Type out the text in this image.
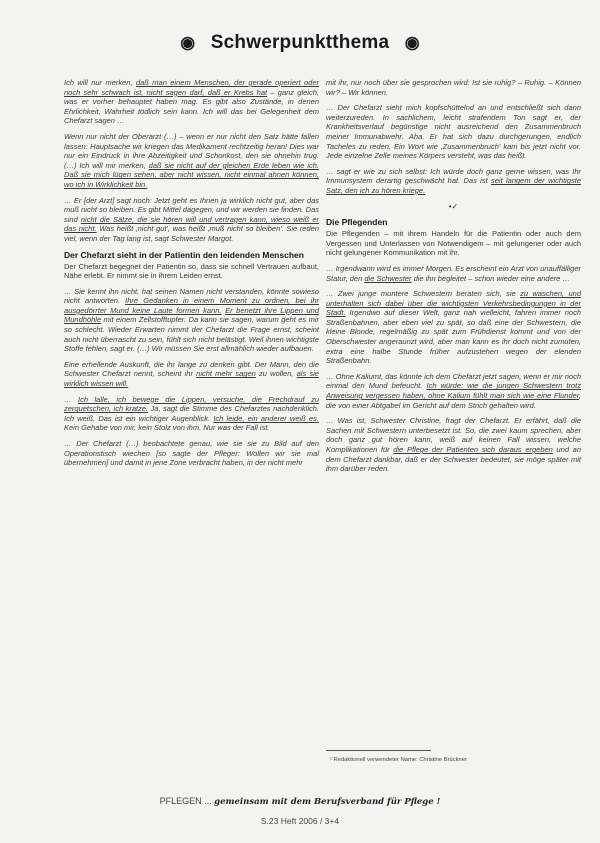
◉ Schwerpunktthema ◉

Ich will nur merken, daß man einem Menschen, der gerade operiert oder noch sehr schwach ist, nicht sagen darf, daß er Krebs hat – ganz gleich, was er vorher behauptet haben mag. Es gibt also Zustände, in denen Ehrlichkeit, Wahrheit tödlich sein kann. Ich will das bei Gelegenheit dem Chefarzt sagen …

Wenn nur nicht der Oberarzt (…) – wenn er nur nicht den Satz hätte fallen lassen: Hauptsache wir kriegen das Medikament rechtzeitig heran! Dies war nur ein Eindruck in ihre Abzeitigkeit und Schonkost, den sie ohnehin trug. (…) Ich will mir merken, daß sie nicht auf der gleichen Erde leben wie ich. Daß sie mich lügen sehen, aber nicht wissen, nicht einmal ahnen können, wo ich in Wirklichkeit bin.

… Er [der Arzt] sagt noch: Jetzt geht es Ihnen ja wirklich nicht gut, aber das muß nicht so bleiben. Es gibt Mittel dagegen, und wir werden sie finden. Das sind nicht die Sätze, die sie hören will und vertragen kann, wieso weiß er das nicht. Was heißt ‚nicht gut', was heißt ‚muß nicht so bleiben'. Sie reden viel, wenn der Tag lang ist, sagt Schwester Margot.

Der Chefarzt sieht in der Patientin den leidenden Menschen

Der Chefarzt begegnet der Patientin so, dass sie schnell Vertrauen aufbaut, Nähe erlebt. Er nimmt sie in ihrem Leiden ernst.

… Sie kennt ihn nicht, hat seinen Namen nicht verstanden, könnte sowieso nicht antworten. Ihre Gedanken in einem Moment zu ordnen, bei ihr ausgedörrter Mund keine Laute formen kann. Er benetzt ihre Lippen und Mundhöhle mit einem Zellstofftupfer. Da kann sie sagen, warum geht es mir so schlecht. Wieder Erwarten nimmt der Chefarzt die Frage ernst, scheint auch nicht überrascht zu sein, fühlt sich nicht belästigt. Weil ihnen wichtigste Stoffe fehlen, sagt er. (…) Wir müssen Sie erst allmählich wieder aufbauen.

Eine erhellende Auskunft, die ihr lange zu denken gibt. Der Mann, den die Schwester Chefarzt nennt, scheint ihr nicht mehr sagen zu wollen, als sie wirklich wissen will.

… Ich lalle, ich bewege die Lippen, versuche, die Frechdrauf zu zerquetschen, ich kratze. Ja, sagt die Stimme des Chefarztes nachdenklich. Ich weiß. Das ist ein wichtiger Augenblick. Ich leide, ein anderer weiß es. Kein Gehabe von mir, kein Stolz von ihm. Nur was der Fall ist.

… Der Chefarzt (…) beobachtete genau, wie sie sie zu Bild auf den Operationstisch wiechen [so sagte der Pfleger: Wollen wir sie mal übernehmen] und damit in jene Zone verbracht haben, in der nicht mehr

mit ihr, nur noch über sie gesprochen wird: Ist sie ruhig? – Ruhig. – Können wir? – Wir können.

… Der Chefarzt sieht mich kopfschüttelnd an und entschließt sich dann weiterzureden. In sachlichem, leicht strafendem Ton sagt er, der Krankheitsverlauf begünstige nicht ausreichend den Zusammenbruch meiner Immunabwehr. Aha. Er hat sich dazu durchgerungen, endlich Tacheles zu reden. Ein Wort wie ‚Zusammenbruch' kam bis jetzt nicht vor. Jede einzelne Zelle meines Körpers versteht, was das heißt.

… sagt er wie zu sich selbst: Ich würde doch ganz gerne wissen, was Ihr Immunsystem derartig geschwächt hat. Das ist seit langem der wichtigste Satz, den ich zu hören kriege.

•✓
Die Pflegenden

Die Pflegenden – mit ihrem Handeln für die Patientin oder auch dem Vergessen und Unterlassen von Notwendigem – mit gelungener oder auch nicht gelungener Kommunikation mit ihr.

… Irgendwann wird es immer Morgen. Es erscheint ein Arzt von unauffälliger Statur, den die Schwester die ihn begleitet – schon wieder eine andere …

… Zwei junge muntere Schwestern beraten sich, sie zu waschen, und unterhalten sich dabei über die wichtigsten Verkehrsbedingungen in der Stadt. Irgendwo auf dieser Welt, ganz nah vielleicht, fahren immer noch Straßenbahnen, aber eben viel zu spät, so daß eine der Schwestern, die kleine Blonde, regelmäßig zu spät zum Frühdienst kommt und von der Oberschwester angeraunzt wird, aber man kann es ihr doch nicht zumuten, extra eine halbe Stunde früher aufzustehen wegen der elenden Straßenbahn.

… Ohne Kaliumt, das könnte ich dem Chefarzt jetzt sagen, wenn er mir noch einmal den Mund befeucht. Ich würde: wie die jungen Schwestern trotz Anweisung vergessen haben, ohne Kalium fühlt man sich wie eine Flunder, die von einer Abtgabel im Gericht auf dem Strich gehalten wird.

… Was ist, Schwester Christine, fragt der Chefarzt. Er erfährt, daß die Sachen mit Schwestern unterbesetzt ist. So, die zwei kaum sprechen, aber doch ganz gut hören kann, weiß auf keinen Fall wissen, welche Komplikationen für die Pflege der Patienten sich daraus ergeben und an dem Chefarzt dankbar, daß er der Schwester bedeutet, sie möge später mit ihm darüber reden.

¹ Redaktionell verwendeter Name: Christine Brückner
PFLEGEN ... gemeinsam mit dem Berufsverband für Pflege !
S.23 Heft 2006 / 3+4
